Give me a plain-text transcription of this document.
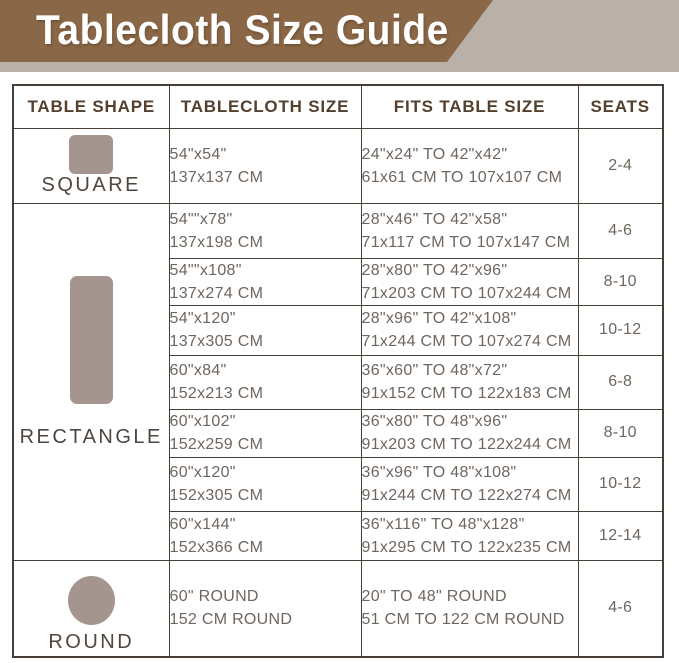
Tablecloth Size Guide
TABLE SHAPE	TABLECLOTH SIZE	FITS TABLE SIZE	SEATS

SQUARE

54"x54"
137x137 CM

24"x24" TO 42"x42"
61x61 CM TO 107x107 CM
	2-4

RECTANGLE

54""x78"
137x198 CM

28"x46" TO 42"x58"
71x117 CM TO 107x147 CM
	4-6

54""x108"
137x274 CM

28"x80" TO 42"x96"
71x203 CM TO 107x244 CM
	8-10

54"x120"
137x305 CM

28"x96" TO 42"x108"
71x244 CM TO 107x274 CM
	10-12

60"x84"
152x213 CM

36"x60" TO 48"x72"
91x152 CM TO 122x183 CM
	6-8

60"x102"
152x259 CM

36"x80" TO 48"x96"
91x203 CM TO 122x244 CM
	8-10

60"x120"
152x305 CM

36"x96" TO 48"x108"
91x244 CM TO 122x274 CM
	10-12

60"x144"
152x366 CM

36"x116" TO 48"x128"
91x295 CM TO 122x235 CM
	12-14

ROUND

60" ROUND
152 CM ROUND

20" TO 48" ROUND
51 CM TO 122 CM ROUND
	4-6
